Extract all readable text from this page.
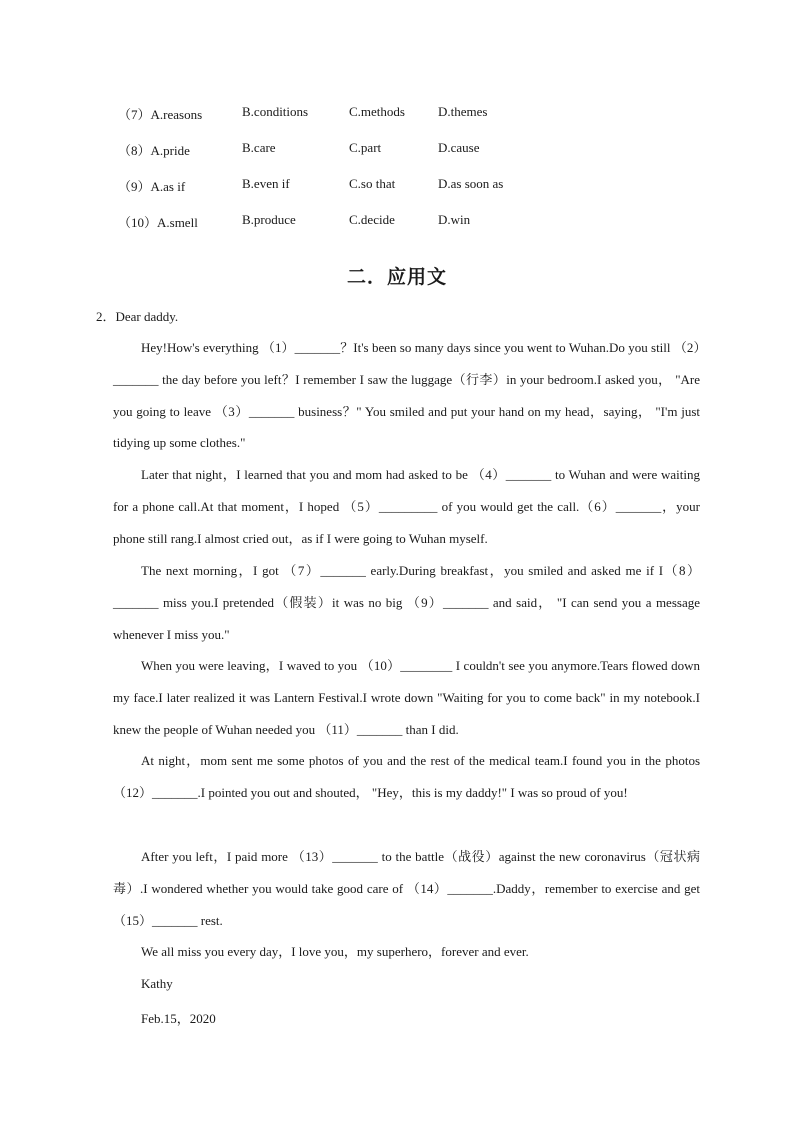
（7）A.reasons	B.conditions	C.methods	D.themes
（8）A.pride	B.care	C.part	D.cause
（9）A.as if	B.even if	C.so that	D.as soon as
（10）A.smell	B.produce	C.decide	D.win
二．应用文
2．Dear daddy.
Hey!How's everything （1）_______？It's been so many days since you went to Wuhan.Do you still （2）_______ the day before you left？I remember I saw the luggage（行李）in your bedroom.I asked you， "Are you going to leave （3）_______ business？" You smiled and put your hand on my head，saying， "I'm just tidying up some clothes."
Later that night，I learned that you and mom had asked to be （4）_______ to Wuhan and were waiting for a phone call.At that moment，I hoped （5）_________ of you would get the call.（6）_______，your phone still rang.I almost cried out，as if I were going to Wuhan myself.
The next morning，I got （7）_______ early.During breakfast，you smiled and asked me if I（8）_______ miss you.I pretended（假装）it was no big （9）_______ and said， "I can send you a message whenever I miss you."
When you were leaving，I waved to you （10）________ I couldn't see you anymore.Tears flowed down my face.I later realized it was Lantern Festival.I wrote down "Waiting for you to come back" in my notebook.I knew the people of Wuhan needed you （11）_______ than I did.
At night，mom sent me some photos of you and the rest of the medical team.I found you in the photos （12）_______.I pointed you out and shouted， "Hey，this is my daddy!" I was so proud of you!
After you left，I paid more （13）_______ to the battle（战役）against the new coronavirus（冠状病毒）.I wondered whether you would take good care of （14）_______.Daddy，remember to exercise and get （15）_______ rest.
We all miss you every day，I love you，my superhero，forever and ever.
Kathy
Feb.15，2020
